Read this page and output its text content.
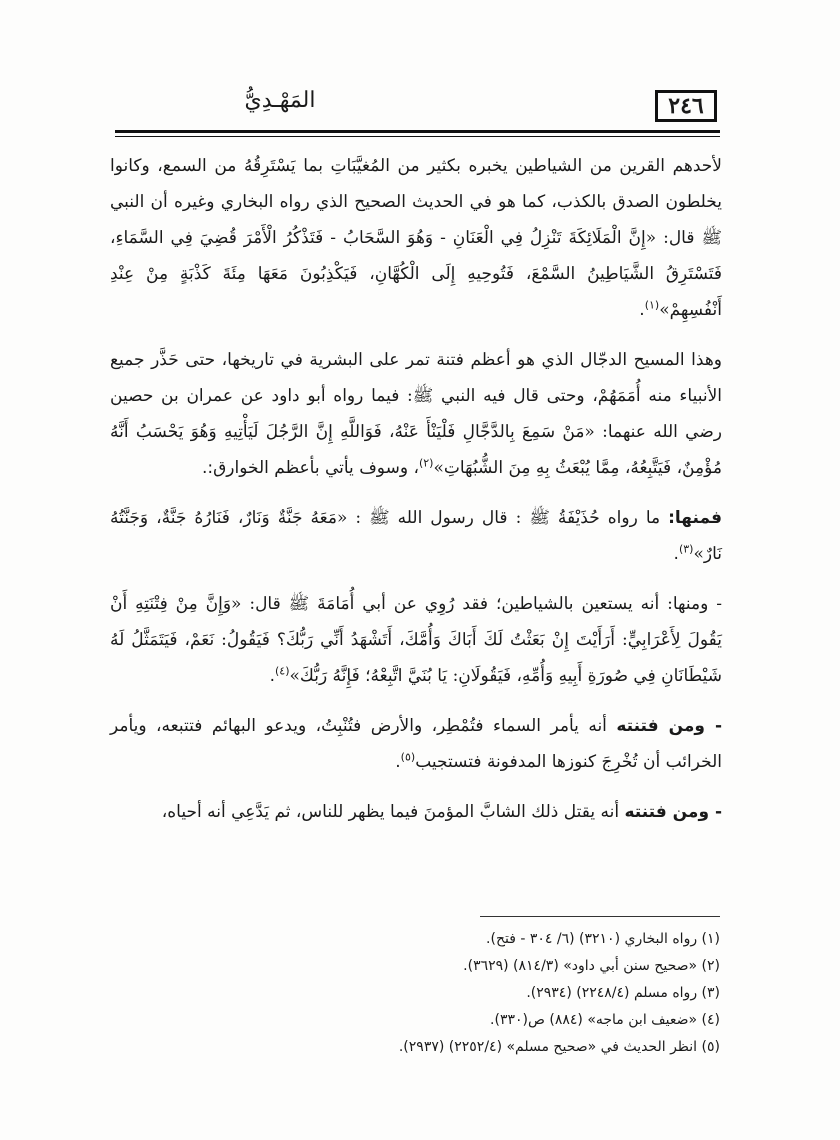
٢٤٦
المَهْـدِيُّ

لأحدهم القرين من الشياطين يخبره بكثير من المُغيَّبَاتِ بما يَسْتَرِقُهُ من السمع، وكانوا يخلطون الصدق بالكذب، كما هو في الحديث الصحيح الذي رواه البخاري وغيره أن النبي ﷺ قال: «إِنَّ الْمَلَائِكَةَ تَنْزِلُ فِي الْعَنَانِ - وَهُوَ السَّحَابُ - فَتَذْكُرُ الْأَمْرَ قُضِيَ فِي السَّمَاءِ، فَتَسْتَرِقُ الشَّيَاطِينُ السَّمْعَ، فَتُوحِيهِ إِلَى الْكُهَّانِ، فَيَكْذِبُونَ مَعَهَا مِئَةَ كَذْبَةٍ مِنْ عِنْدِ أَنْفُسِهِمْ»$^{(١)}$.

وهذا المسيح الدجّال الذي هو أعظم فتنة تمر على البشرية في تاريخها، حتى حَذَّر جميع الأنبياء منه أُمَمَهُمْ، وحتى قال فيه النبي ﷺ: فيما رواه أبو داود عن عمران بن حصين رضي الله عنهما: «مَنْ سَمِعَ بِالدَّجَّالِ فَلْيَنْأَ عَنْهُ، فَوَاللَّهِ إِنَّ الرَّجُلَ لَيَأْتِيهِ وَهُوَ يَحْسَبُ أَنَّهُ مُؤْمِنٌ، فَيَتَّبِعُهُ، مِمَّا يُبْعَثُ بِهِ مِنَ الشُّبُهَاتِ»$^{(٢)}$، وسوف يأتي بأعظم الخوارق:.

فمنها: ما رواه حُذَيْفَةُ ﷺ : قال رسول الله ﷺ : «مَعَهُ جَنَّةٌ وَنَارٌ، فَنَارُهُ جَنَّةٌ، وَجَنَّتُهُ نَارٌ»$^{(٣)}$.

- ومنها: أنه يستعين بالشياطين؛ فقد رُوِي عن أبي أُمَامَةَ ﷺ قال: «وَإِنَّ مِنْ فِتْنَتِهِ أَنْ يَقُولَ لِأَعْرَابِيٍّ: أَرَأَيْتَ إِنْ بَعَثْتُ لَكَ أَبَاكَ وَأُمَّكَ، أَتَشْهَدُ أَنِّي رَبُّكَ؟ فَيَقُولُ: نَعَمْ، فَيَتَمَثَّلُ لَهُ شَيْطَانَانِ فِي صُورَةِ أَبِيهِ وَأُمِّهِ، فَيَقُولَانِ: يَا بُنَيَّ اتَّبِعْهُ؛ فَإِنَّهُ رَبُّكَ»$^{(٤)}$.

- ومن فتنته أنه يأمر السماء فتُمْطِر، والأرض فتُنْبِتُ، ويدعو البهائم فتتبعه، ويأمر الخرائب أن تُخْرِجَ كنوزها المدفونة فتستجيب$^{(٥)}$.

- ومن فتنته أنه يقتل ذلك الشابَّ المؤمنَ فيما يظهر للناس، ثم يَدَّعِي أنه أحياه،

(١) رواه البخاري (٣٢١٠) (٦/ ٣٠٤ - فتح).
(٢) «صحيح سنن أبي داود» (٨١٤/٣) (٣٦٢٩).
(٣) رواه مسلم (٢٢٤٨/٤) (٢٩٣٤).
(٤) «ضعيف ابن ماجه» (٨٨٤) ص(٣٣٠).
(٥) انظر الحديث في «صحيح مسلم» (٢٢٥٢/٤) (٢٩٣٧).
